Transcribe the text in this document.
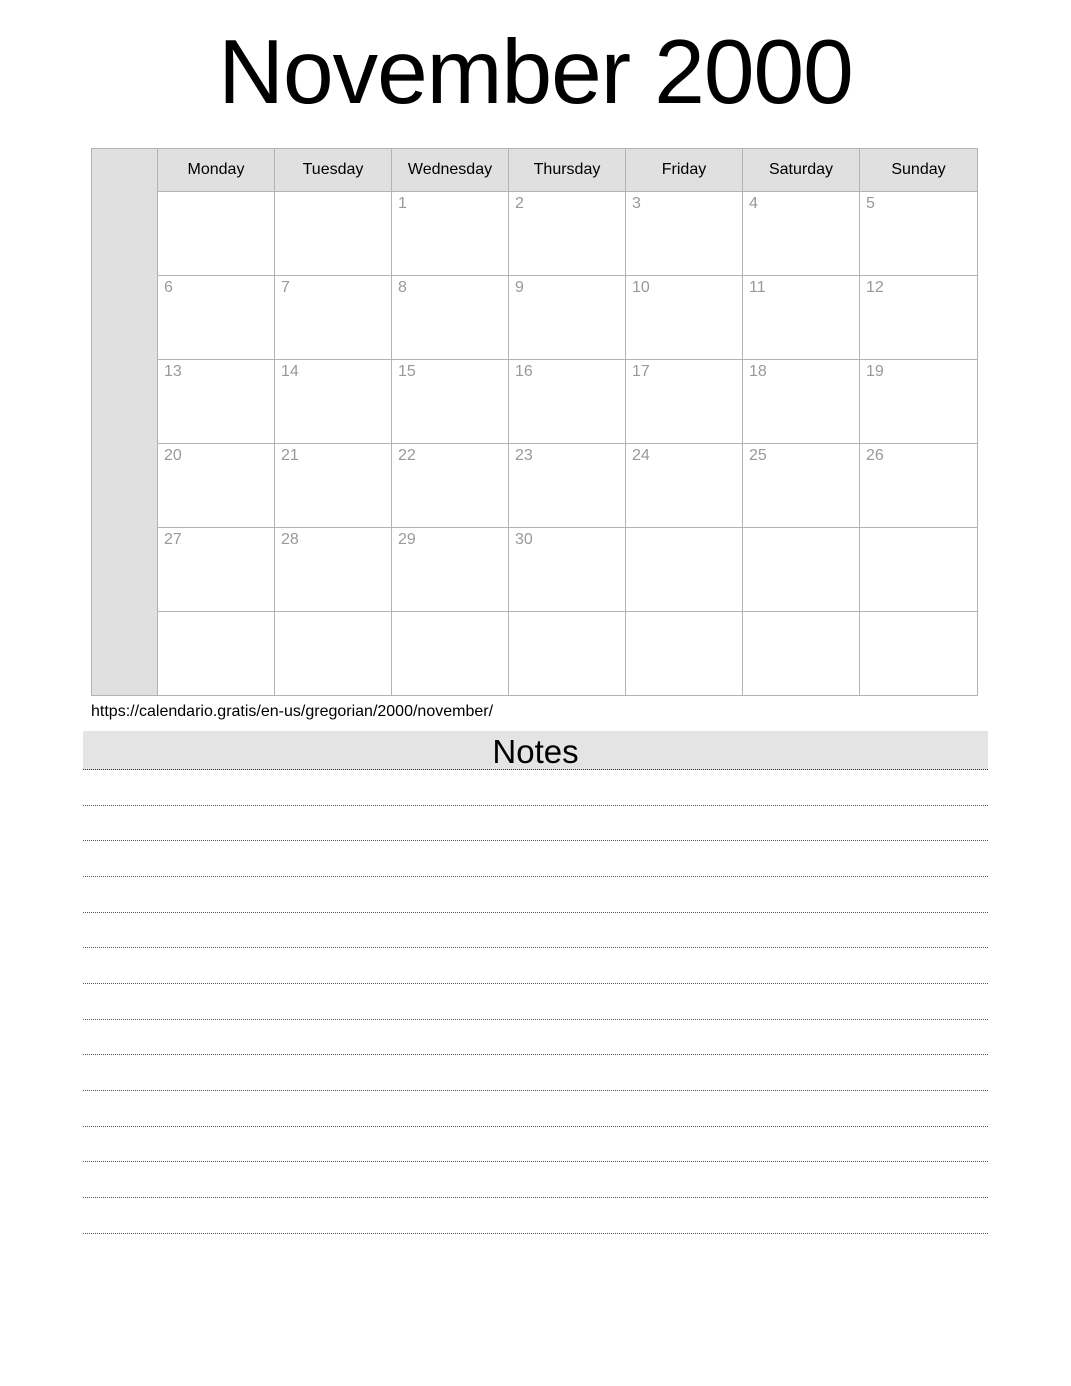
November 2000
	Monday	Tuesday	Wednesday	Thursday	Friday	Saturday	Sunday
			1	2	3	4	5
	6	7	8	9	10	11	12
	13	14	15	16	17	18	19
	20	21	22	23	24	25	26
	27	28	29	30			

https://calendario.gratis/en-us/gregorian/2000/november/
Notes
